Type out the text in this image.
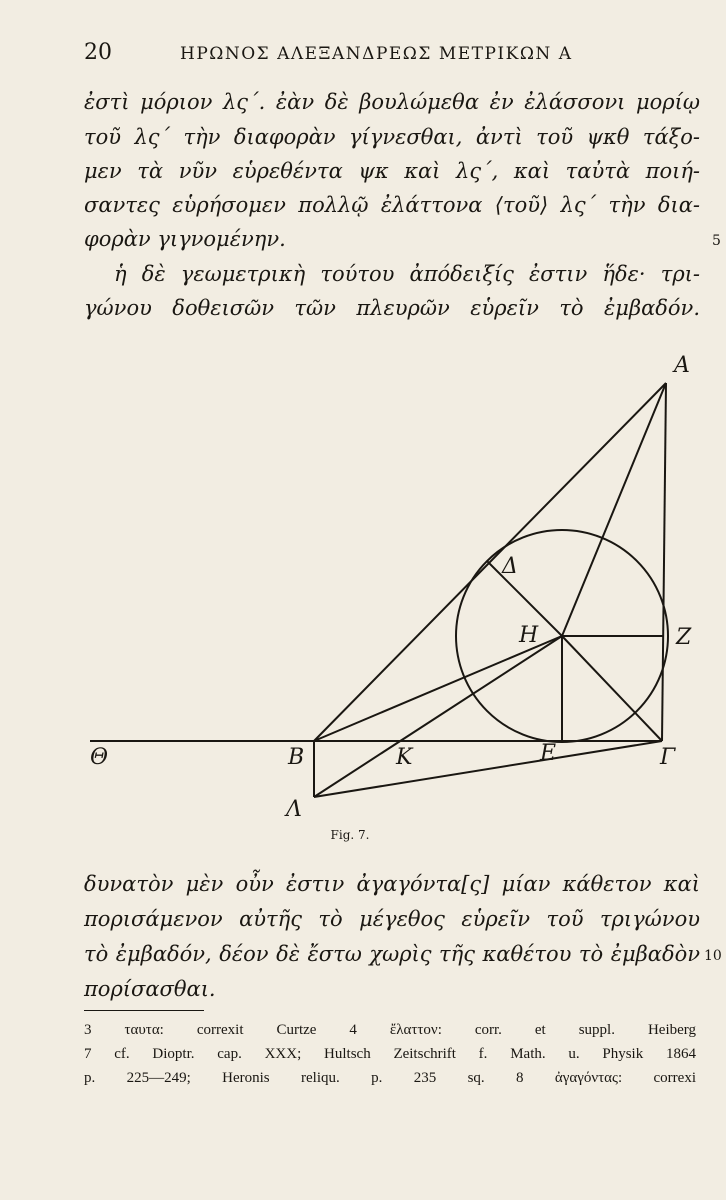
20	ΗΡΩΝΟΣ ΑΛΕΞΑΝΔΡΕΩΣ ΜΕΤΡΙΚΩΝ Α
ἐστὶ μόριον λς΄. ἐὰν δὲ βουλώμεθα ἐν ἐλάσσονι μορίῳ
τοῦ λς΄ τὴν διαφορὰν γίγνεσθαι, ἀντὶ τοῦ ψκθ τάξο-
μεν τὰ νῦν εὑρεθέντα ψκ καὶ λς΄, καὶ ταὐτὰ ποιή-
σαντες εὑρήσομεν πολλῷ ἐλάττονα ⟨τοῦ⟩ λς΄ τὴν δια-
φορὰν γιγνομένην.	5
ἡ δὲ γεωμετρικὴ τούτου ἀπόδειξίς ἐστιν ἥδε· τρι-
γώνου δοθεισῶν τῶν πλευρῶν εὑρεῖν τὸ ἐμβαδόν.
Α
Δ
Η	Ζ
Θ	Β	Κ	Ε	Γ
Λ
Fig. 7.
δυνατὸν μὲν οὖν ἐστιν ἀγαγόντα[ς] μίαν κάθετον καὶ
πορισάμενον αὐτῆς τὸ μέγεθος εὑρεῖν τοῦ τριγώνου
τὸ ἐμβαδόν, δέον δὲ ἔστω χωρὶς τῆς καθέτου τὸ ἐμβαδὸν 10
πορίσασθαι.
3 ταυτα: correxit Curtze 4 ἔλαττον: corr. et suppl. Heiberg
7 cf. Dioptr. cap. XXX; Hultsch Zeitschrift f. Math. u. Physik 1864
p. 225—249; Heronis reliqu. p. 235 sq. 8 ἀγαγόντας: correxi
